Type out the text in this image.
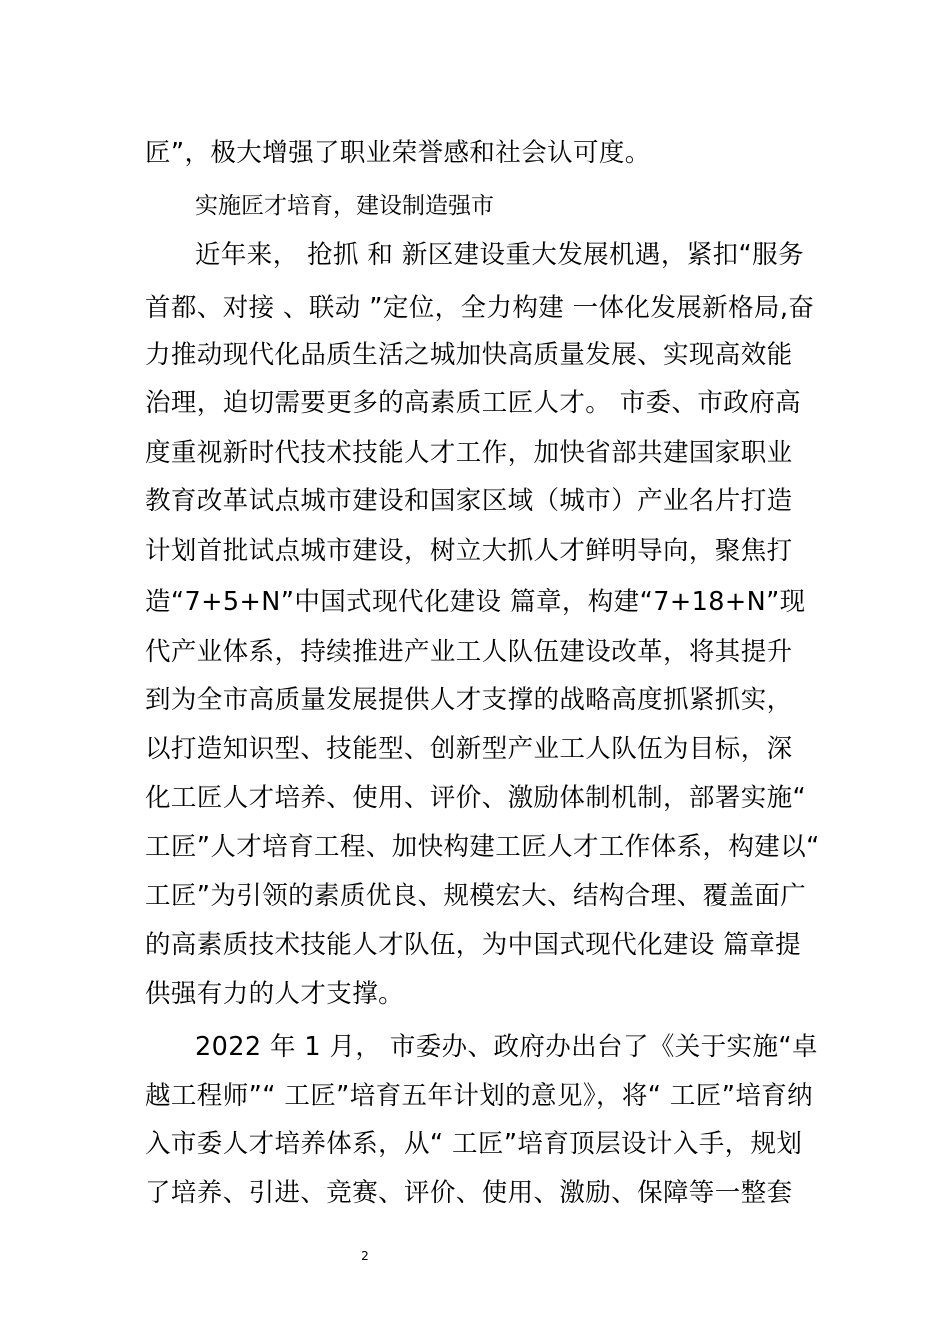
匠”，极大增强了职业荣誉感和社会认可度。
实施匠才培育，建设制造强市
近年来， 抢抓 和 新区建设重大发展机遇，紧扣“服务
首都、对接 、联动 ”定位，全力构建 一体化发展新格局,奋
力推动现代化品质生活之城加快高质量发展、实现高效能
治理，迫切需要更多的高素质工匠人才。 市委、市政府高
度重视新时代技术技能人才工作，加快省部共建国家职业
教育改革试点城市建设和国家区域（城市）产业名片打造
计划首批试点城市建设，树立大抓人才鲜明导向，聚焦打
造“7+5+N”中国式现代化建设 篇章，构建“7+18+N”现
代产业体系，持续推进产业工人队伍建设改革，将其提升
到为全市高质量发展提供人才支撑的战略高度抓紧抓实，
以打造知识型、技能型、创新型产业工人队伍为目标，深
化工匠人才培养、使用、评价、激励体制机制，部署实施“
工匠”人才培育工程、加快构建工匠人才工作体系，构建以“
工匠”为引领的素质优良、规模宏大、结构合理、覆盖面广
的高素质技术技能人才队伍，为中国式现代化建设 篇章提
供强有力的人才支撑。
2022 年 1 月， 市委办、政府办出台了《关于实施“卓
越工程师”“ 工匠”培育五年计划的意见》，将“ 工匠”培育纳
入市委人才培养体系，从“ 工匠”培育顶层设计入手，规划
了培养、引进、竞赛、评价、使用、激励、保障等一整套
2
